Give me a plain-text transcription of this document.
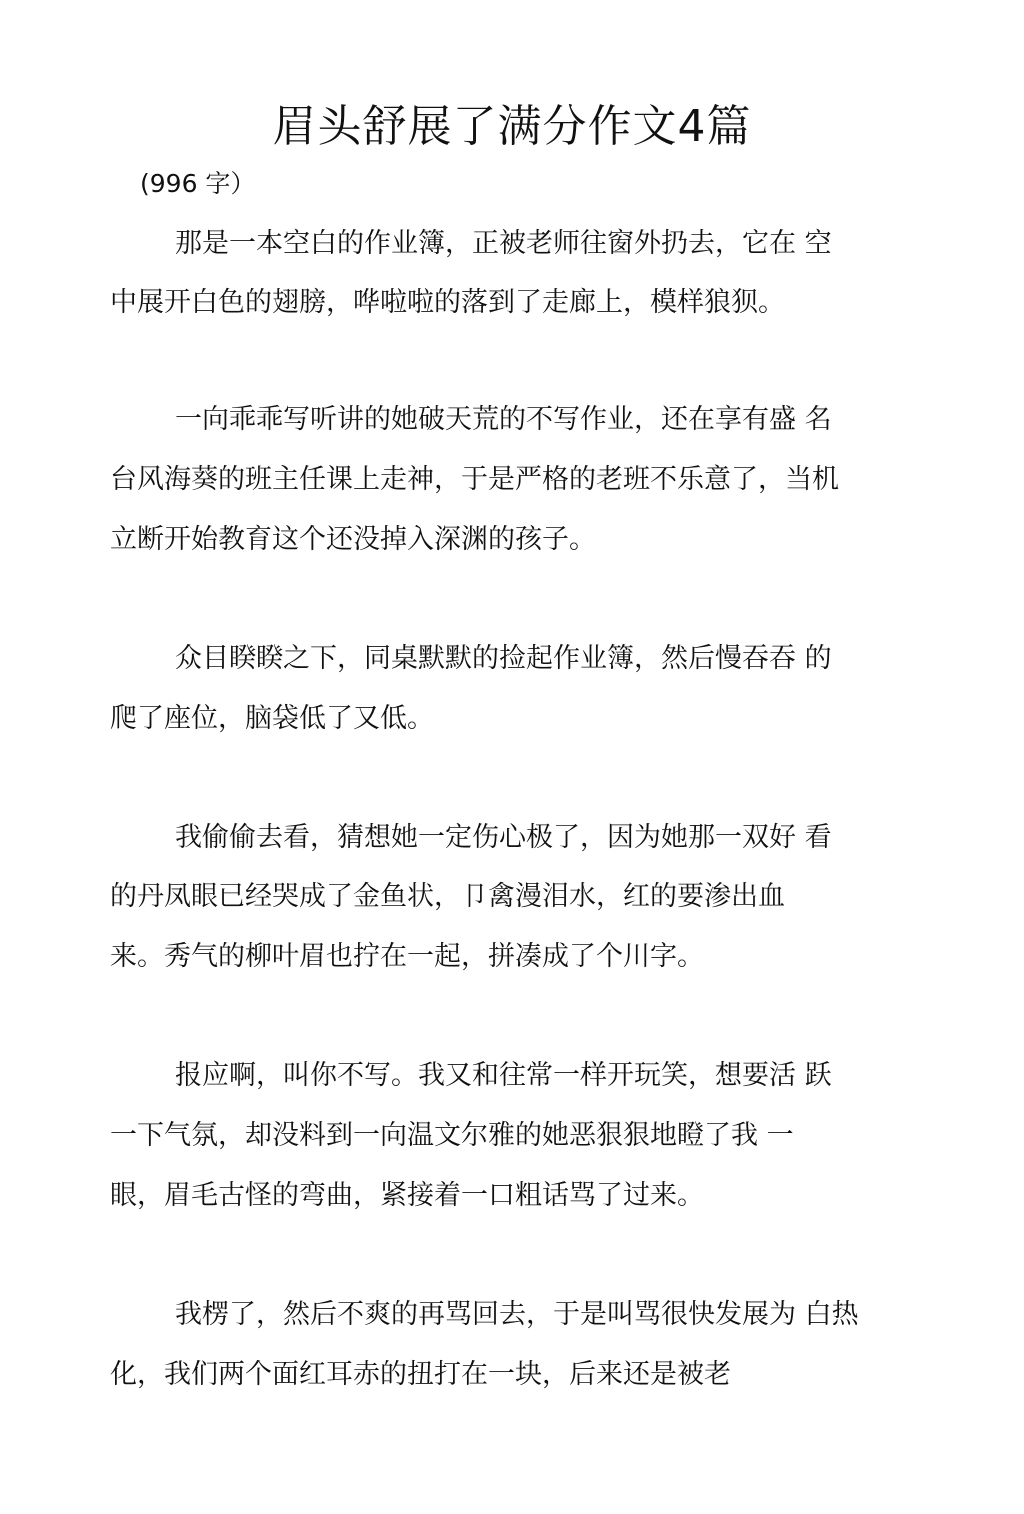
眉头舒展了满分作文4篇
(996 字）

那是一本空白的作业簿，正被老师往窗外扔去，它在 空

中展开白色的翅膀，哗啦啦的落到了走廊上，模样狼狈。

一向乖乖写听讲的她破天荒的不写作业，还在享有盛 名

台风海葵的班主任课上走神，于是严格的老班不乐意了，当机

立断开始教育这个还没掉入深渊的孩子。

众目睽睽之下，同桌默默的捡起作业簿，然后慢吞吞 的

爬了座位，脑袋低了又低。

我偷偷去看，猜想她一定伤心极了，因为她那一双好 看

的丹凤眼已经哭成了金鱼状，卩禽漫泪水，红的要渗出血

来。秀气的柳叶眉也拧在一起，拼凑成了个川字。

报应啊，叫你不写。我又和往常一样开玩笑，想要活 跃

一下气氛，却没料到一向温文尔雅的她恶狠狠地瞪了我 一

眼，眉毛古怪的弯曲，紧接着一口粗话骂了过来。

我楞了，然后不爽的再骂回去，于是叫骂很快发展为 白热

化，我们两个面红耳赤的扭打在一块，后来还是被老
